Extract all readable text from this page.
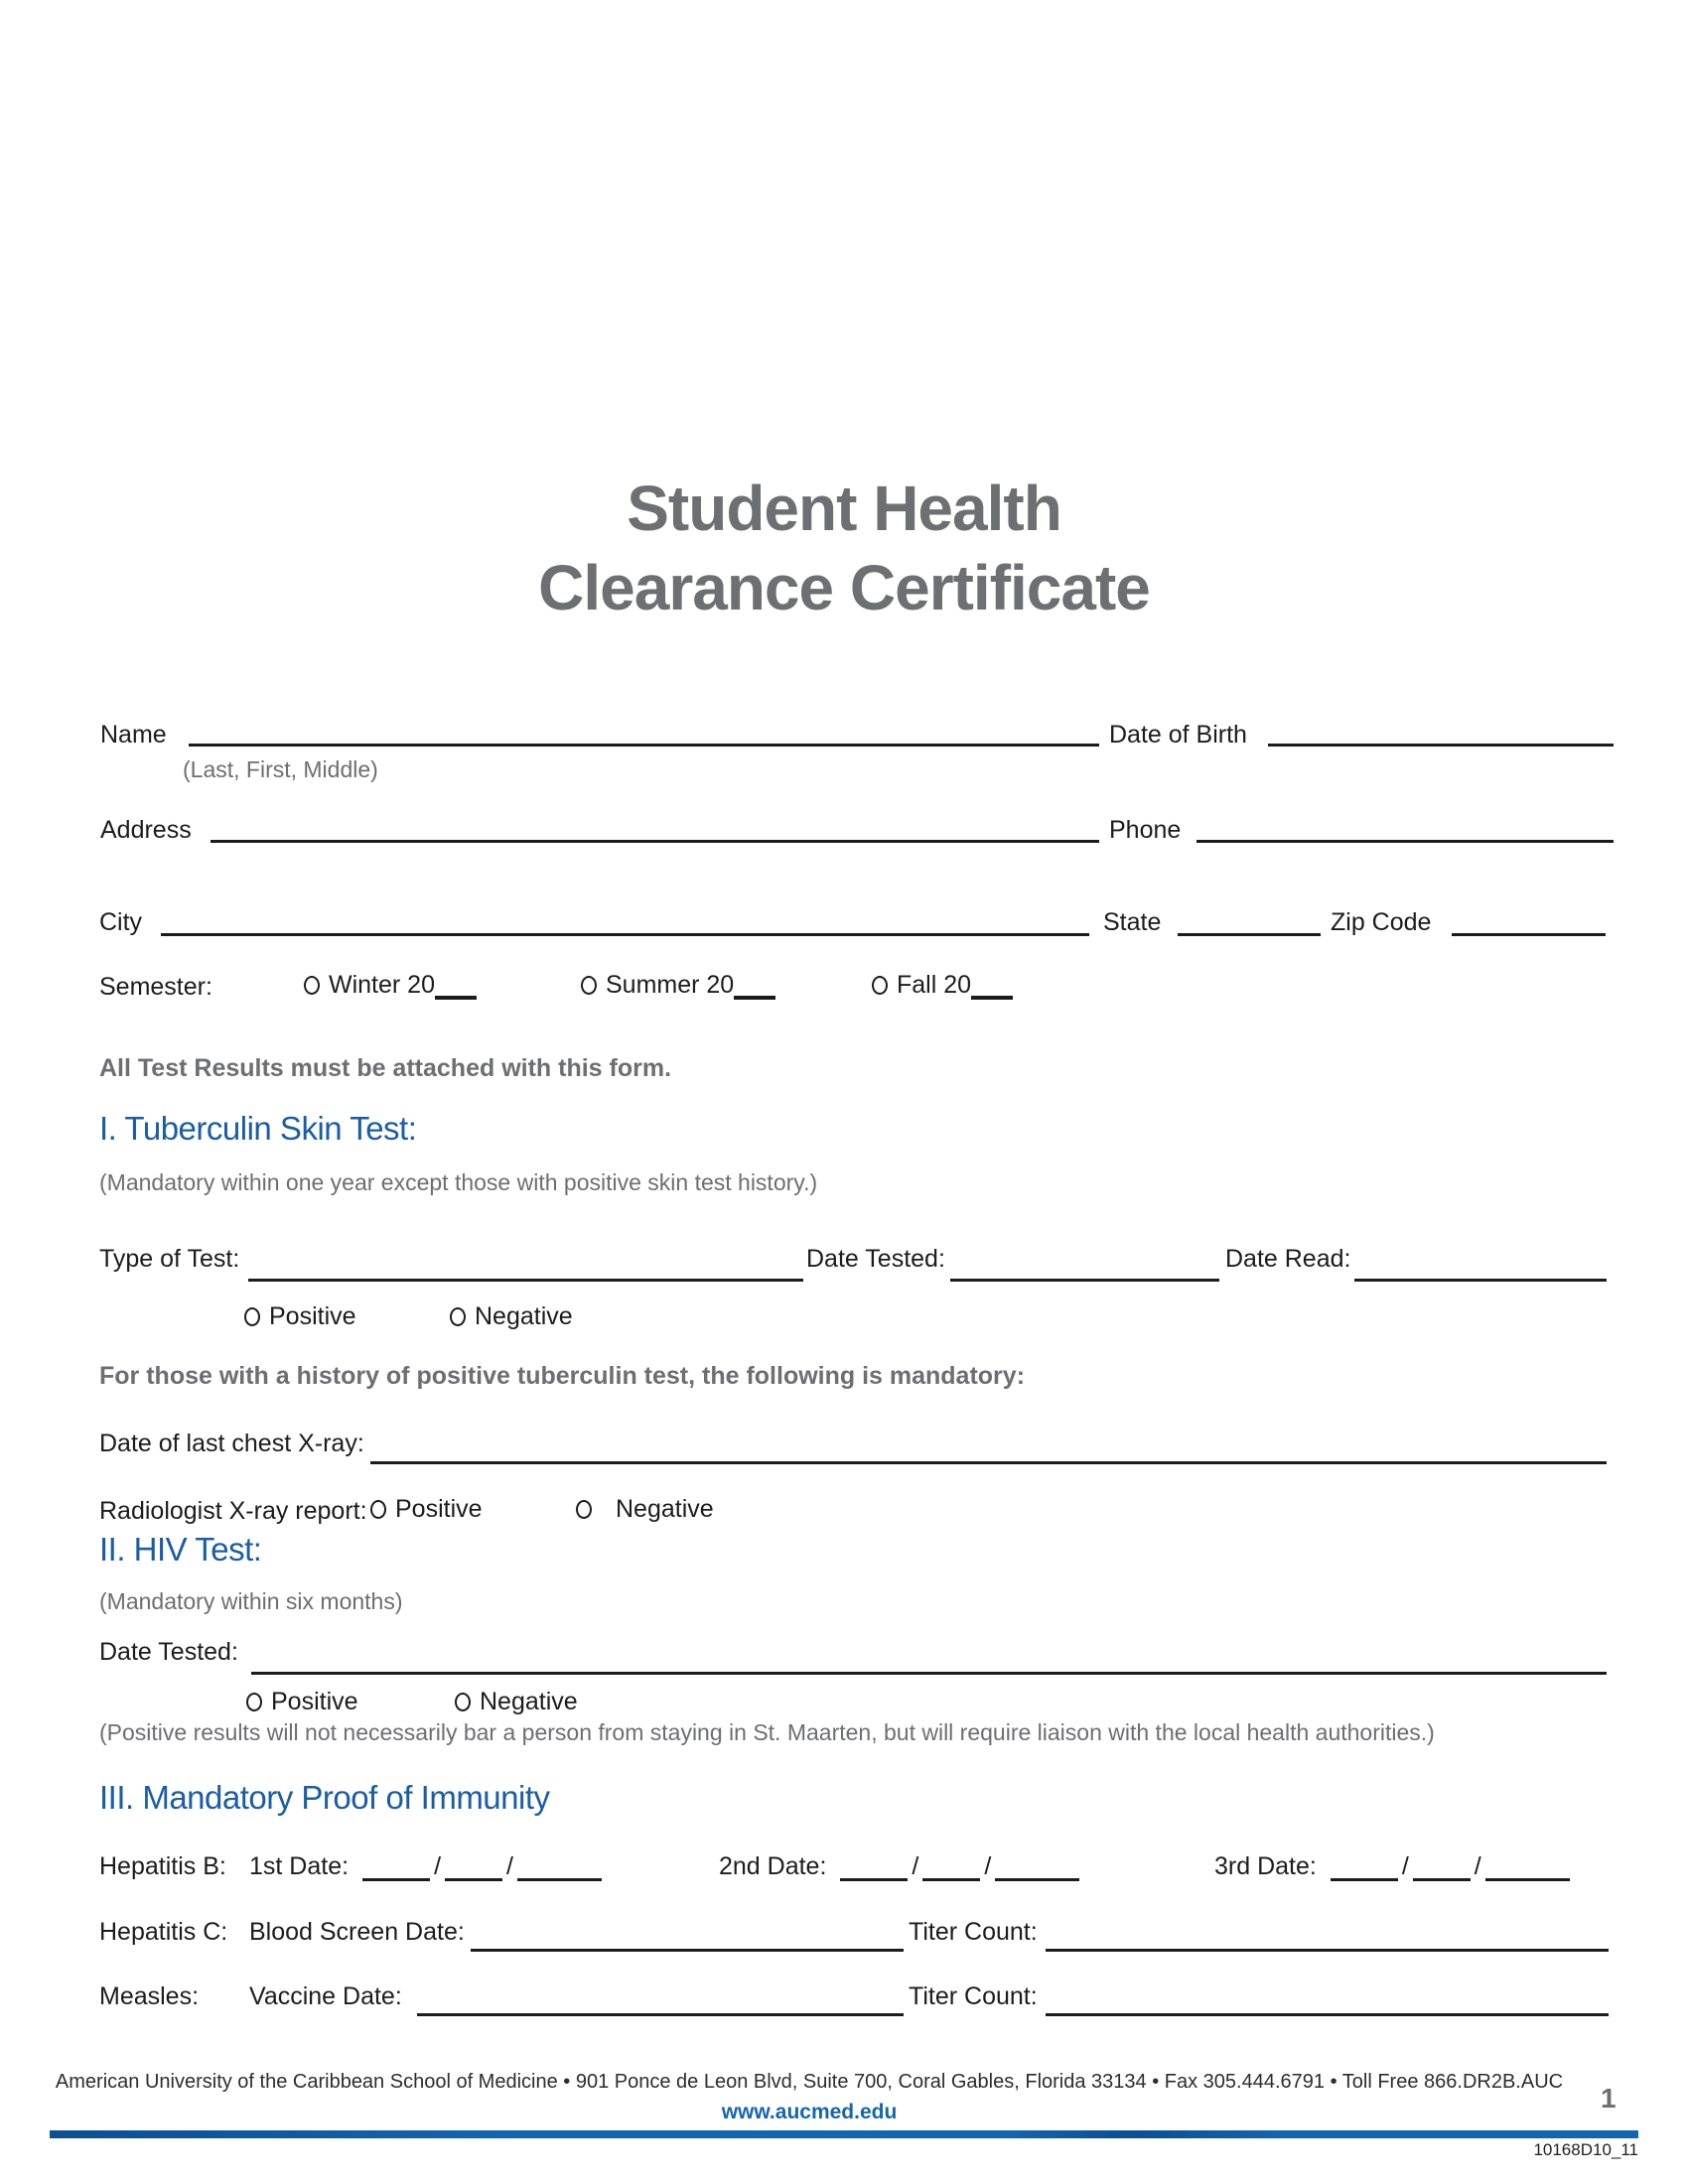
Student Health
Clearance Certificate
Name	Date of Birth
(Last, First, Middle)
Address	Phone
City	State	Zip Code
Semester:	Winter 20	Summer 20	Fall 20
All Test Results must be attached with this form.
I. Tuberculin Skin Test:
(Mandatory within one year except those with positive skin test history.)
Type of Test:	Date Tested:	Date Read:
Positive	Negative
For those with a history of positive tuberculin test, the following is mandatory:
Date of last chest X-ray:
Radiologist X-ray report: Positive	Negative
II. HIV Test:
(Mandatory within six months)
Date Tested:
Positive	Negative
(Positive results will not necessarily bar a person from staying in St. Maarten, but will require liaison with the local health authorities.)
III. Mandatory Proof of Immunity
Hepatitis B: 1st Date:	/	/	2nd Date:	/	/	3rd Date:	/	/
Hepatitis C: Blood Screen Date:	Titer Count:
Measles: Vaccine Date:	Titer Count:
American University of the Caribbean School of Medicine • 901 Ponce de Leon Blvd, Suite 700, Coral Gables, Florida 33134 • Fax 305.444.6791 • Toll Free 866.DR2B.AUC
www.aucmed.edu	1
10168D10_11
